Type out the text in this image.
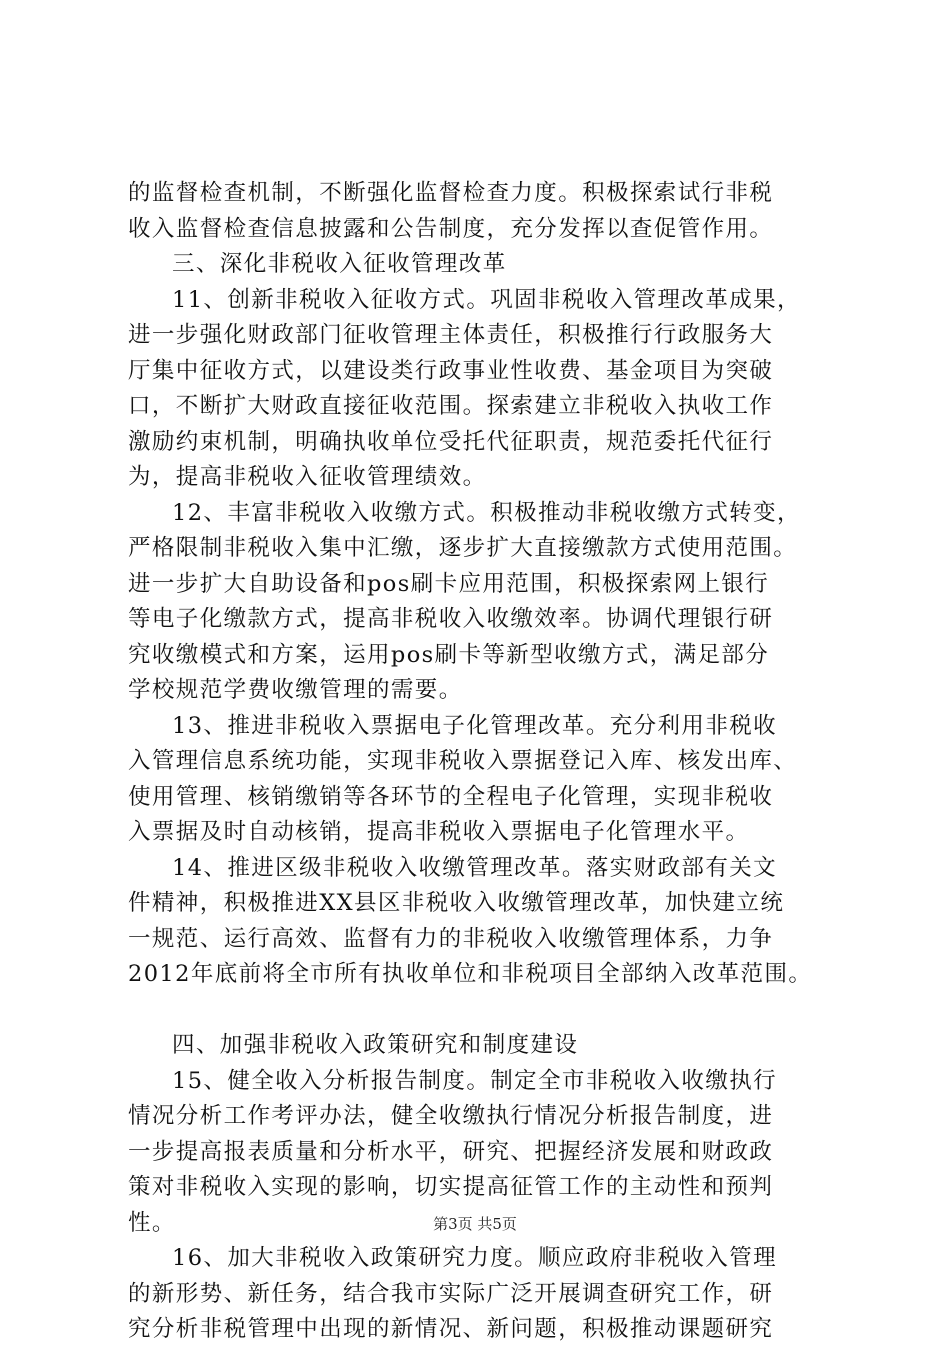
的监督检查机制，不断强化监督检查力度。积极探索试行非税
收入监督检查信息披露和公告制度，充分发挥以查促管作用。
三、深化非税收入征收管理改革
11、创新非税收入征收方式。巩固非税收入管理改革成果，
进一步强化财政部门征收管理主体责任，积极推行行政服务大
厅集中征收方式，以建设类行政事业性收费、基金项目为突破
口，不断扩大财政直接征收范围。探索建立非税收入执收工作
激励约束机制，明确执收单位受托代征职责，规范委托代征行
为，提高非税收入征收管理绩效。
12、丰富非税收入收缴方式。积极推动非税收缴方式转变，
严格限制非税收入集中汇缴，逐步扩大直接缴款方式使用范围。
进一步扩大自助设备和pos刷卡应用范围，积极探索网上银行
等电子化缴款方式，提高非税收入收缴效率。协调代理银行研
究收缴模式和方案，运用pos刷卡等新型收缴方式，满足部分
学校规范学费收缴管理的需要。
13、推进非税收入票据电子化管理改革。充分利用非税收
入管理信息系统功能，实现非税收入票据登记入库、核发出库、
使用管理、核销缴销等各环节的全程电子化管理，实现非税收
入票据及时自动核销，提高非税收入票据电子化管理水平。
14、推进区级非税收入收缴管理改革。落实财政部有关文
件精神，积极推进XX县区非税收入收缴管理改革，加快建立统
一规范、运行高效、监督有力的非税收入收缴管理体系，力争
2012年底前将全市所有执收单位和非税项目全部纳入改革范围。
四、加强非税收入政策研究和制度建设
15、健全收入分析报告制度。制定全市非税收入收缴执行
情况分析工作考评办法，健全收缴执行情况分析报告制度，进
一步提高报表质量和分析水平，研究、把握经济发展和财政政
策对非税收入实现的影响，切实提高征管工作的主动性和预判
性。
16、加大非税收入政策研究力度。顺应政府非税收入管理
的新形势、新任务，结合我市实际广泛开展调查研究工作，研
究分析非税管理中出现的新情况、新问题，积极推动课题研究
第3页 共5页
